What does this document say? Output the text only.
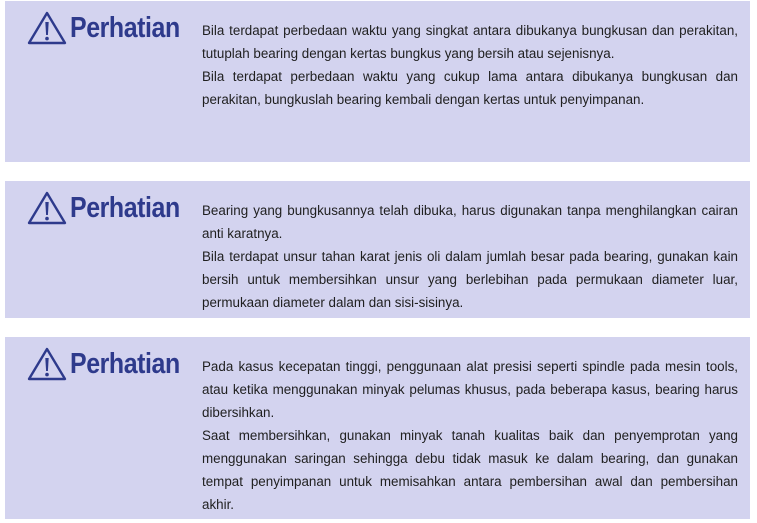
Perhatian Bila terdapat perbedaan waktu yang singkat antara dibukanya bungkusan dan perakitan, tutuplah bearing dengan kertas bungkus yang bersih atau sejenisnya.

Bila terdapat perbedaan waktu yang cukup lama antara dibukanya bungkusan dan perakitan, bungkuslah bearing kembali dengan kertas untuk penyimpanan.

Perhatian Bearing yang bungkusannya telah dibuka, harus digunakan tanpa menghilangkan cairan anti karatnya.

Bila terdapat unsur tahan karat jenis oli dalam jumlah besar pada bearing, gunakan kain bersih untuk membersihkan unsur yang berlebihan pada permukaan diameter luar, permukaan diameter dalam dan sisi-sisinya.

Perhatian Pada kasus kecepatan tinggi, penggunaan alat presisi seperti spindle pada mesin tools, atau ketika menggunakan minyak pelumas khusus, pada beberapa kasus, bearing harus dibersihkan.

Saat membersihkan, gunakan minyak tanah kualitas baik dan penyemprotan yang menggunakan saringan sehingga debu tidak masuk ke dalam bearing, dan gunakan tempat penyimpanan untuk memisahkan antara pembersihan awal dan pembersihan akhir.
